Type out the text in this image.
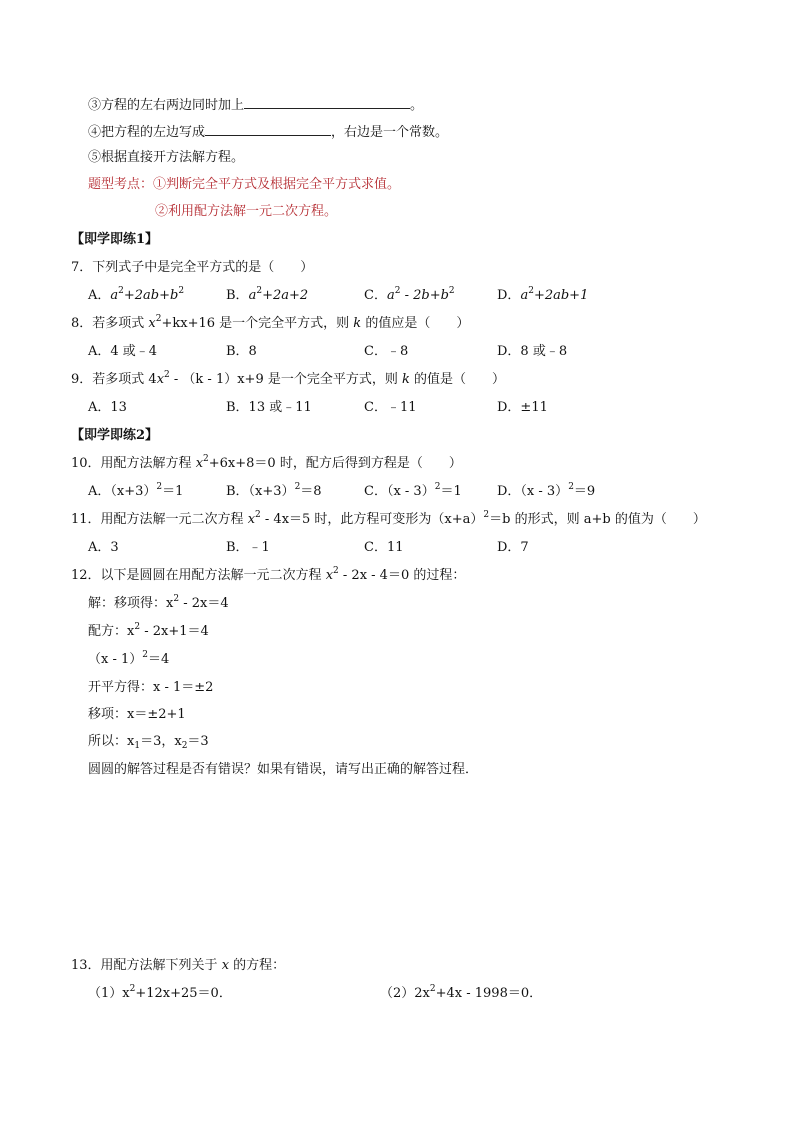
③方程的左右两边同时加上	。
④把方程的左边写成	，右边是一个常数。
⑤根据直接开方法解方程。
题型考点：①判断完全平方式及根据完全平方式求值。
②利用配方法解一元二次方程。
【即学即练1】
7．下列式子中是完全平方式的是（　　）
A．$a^2+2ab+b^2$	B．$a^2+2a+2$	C．$a^2 - 2b+b^2$	D．$a^2+2ab+1$
8．若多项式 $x^2+kx+16$ 是一个完全平方式，则 k 的值应是（　　）
A．4 或﹣4	B．8	C．﹣8	D．8 或﹣8
9．若多项式 $4x^2 - (k - 1)x+9$ 是一个完全平方式，则 k 的值是（　　）
A．13	B．13 或﹣11	C．﹣11	D．±11
【即学即练2】
10．用配方法解方程 $x^2+6x+8=0$ 时，配方后得到方程是（　　）
A．$(x+3)^2=1$	B．$(x+3)^2=8$	C．（x - 3）$^2$＝1	D．（x - 3）$^2$＝9
11．用配方法解一元二次方程 $x^2 - 4x=5$ 时，此方程可变形为$(x+a)^2=b$ 的形式，则 a+b 的值为（　　）
A．3	B．﹣1	C．11	D．7
12．以下是圆圆在用配方法解一元二次方程 $x^2 - 2x - 4=0$ 的过程：
解：移项得：$x^2 - 2x=4$
配方：$x^2 - 2x+1=4$
（x - 1）$^2$＝4
开平方得：x - 1＝±2
移项：x＝±2+1
所以：$x_1=3$，$x_2=3$
圆圆的解答过程是否有错误？如果有错误，请写出正确的解答过程．
13．用配方法解下列关于 x 的方程：
$(1)x^2+12x+25=0$．	$(2)2x^2+4x - 1998=0$．
